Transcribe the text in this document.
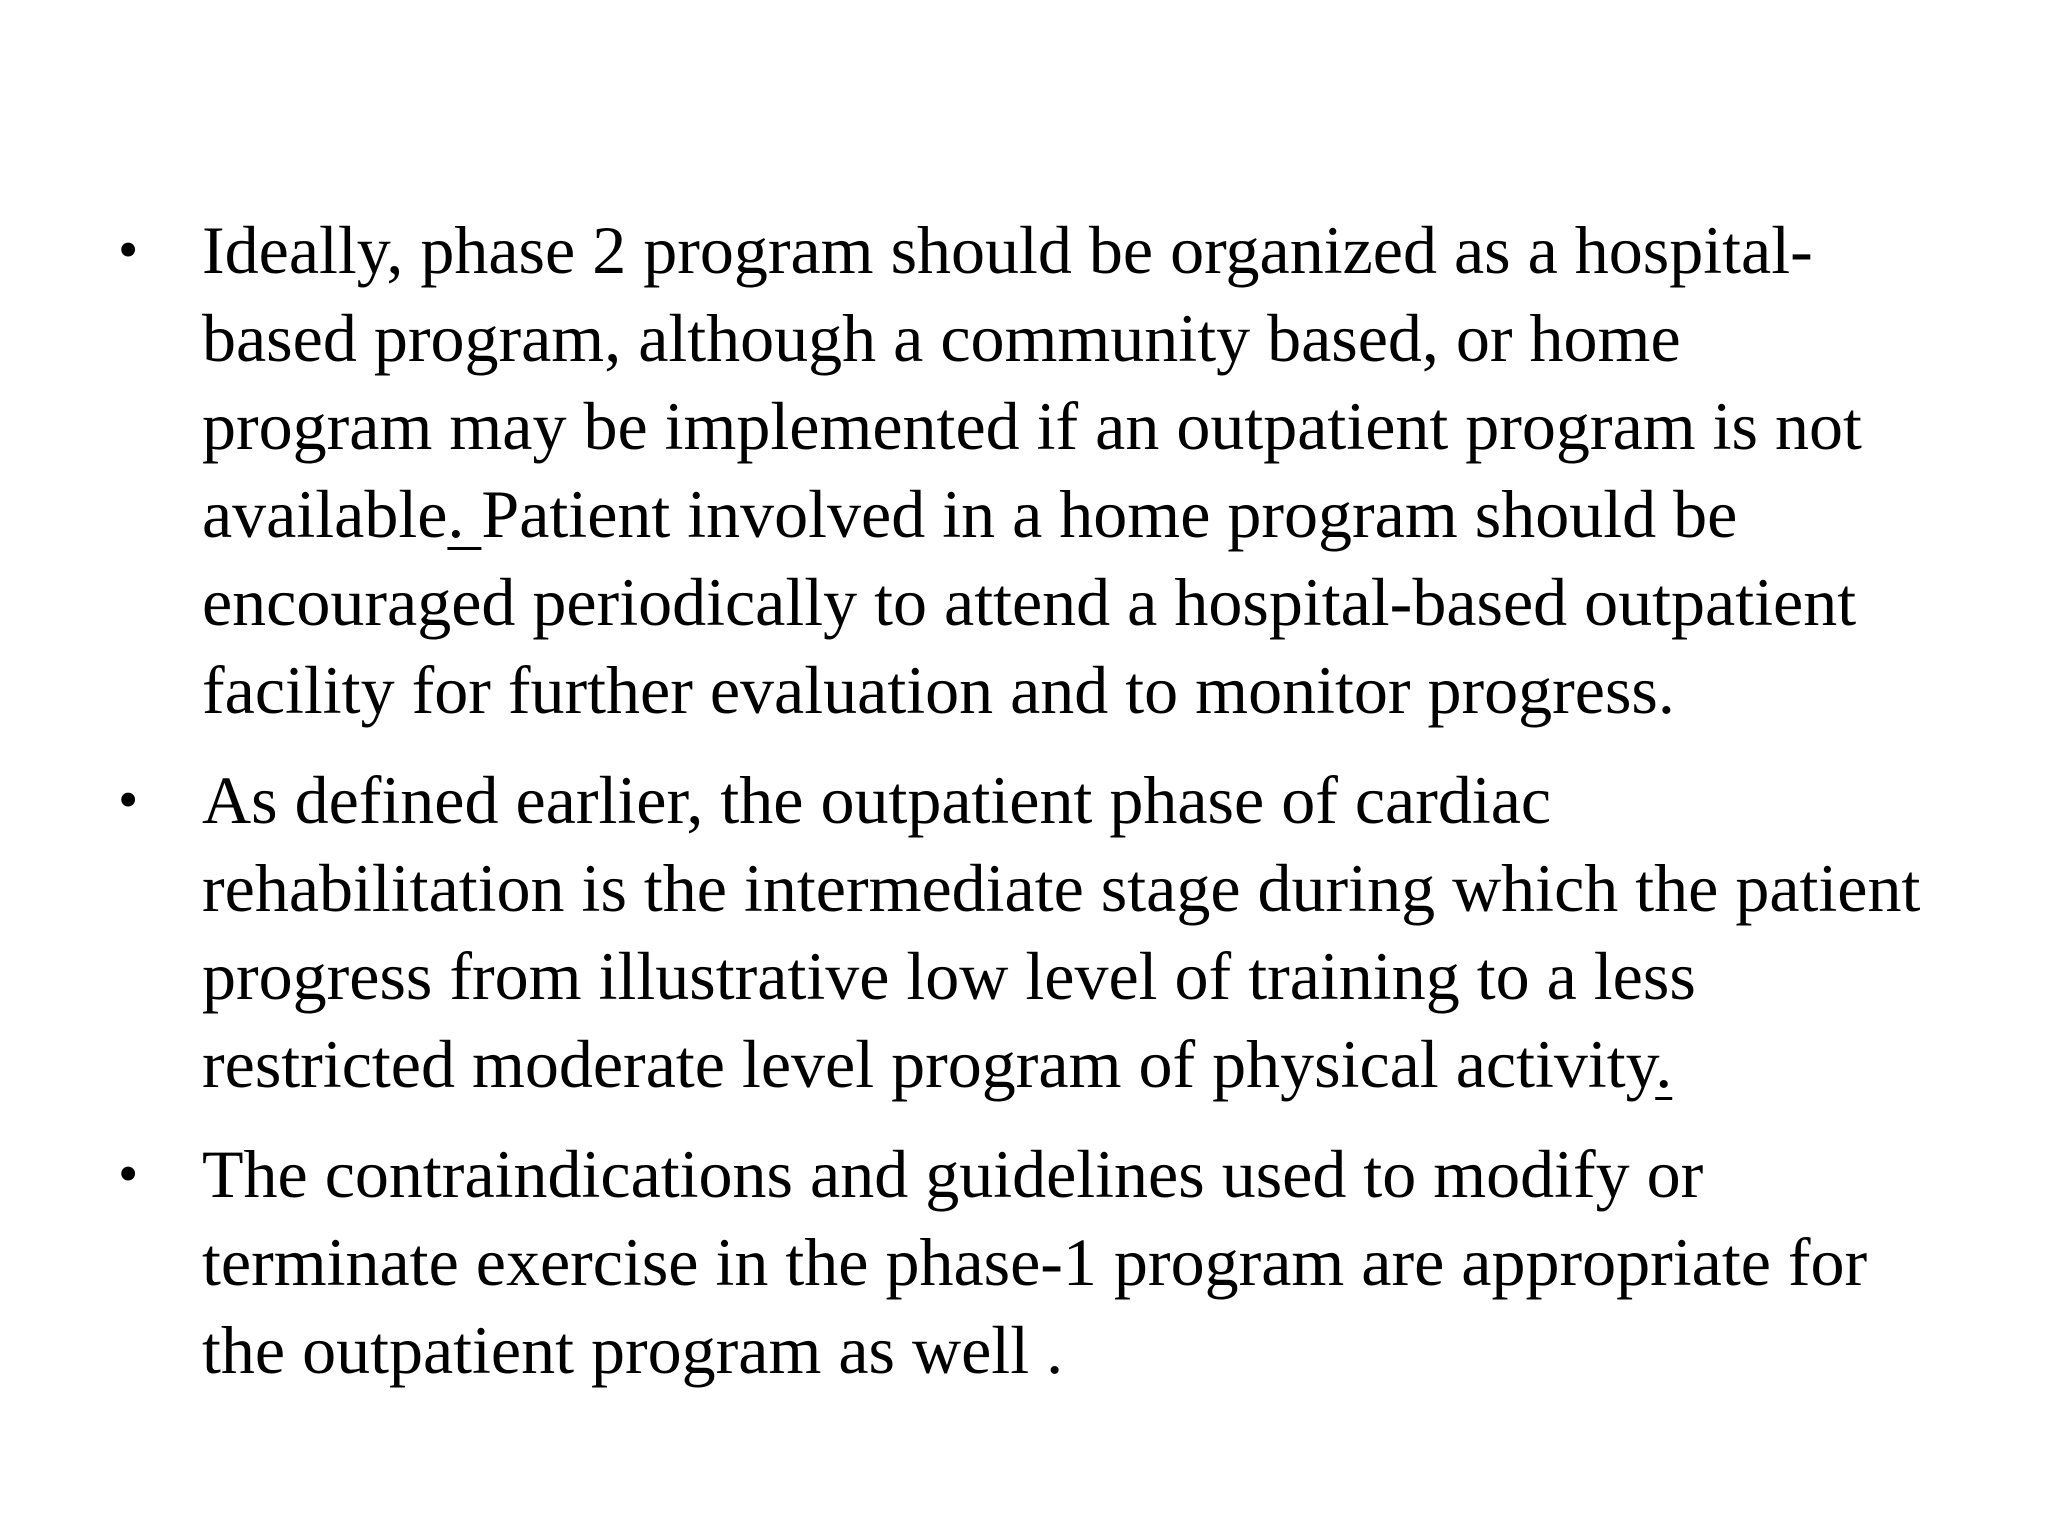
• Ideally, phase 2 program should be organized as a hospital-
based program, although a community based, or home
program may be implemented if an outpatient program is not
available. Patient involved in a home program should be
encouraged periodically to attend a hospital-based outpatient
facility for further evaluation and to monitor progress.
• As defined earlier, the outpatient phase of cardiac
rehabilitation is the intermediate stage during which the patient
progress from illustrative low level of training to a less
restricted moderate level program of physical activity.
• The contraindications and guidelines used to modify or
terminate exercise in the phase-1 program are appropriate for
the outpatient program as well .
